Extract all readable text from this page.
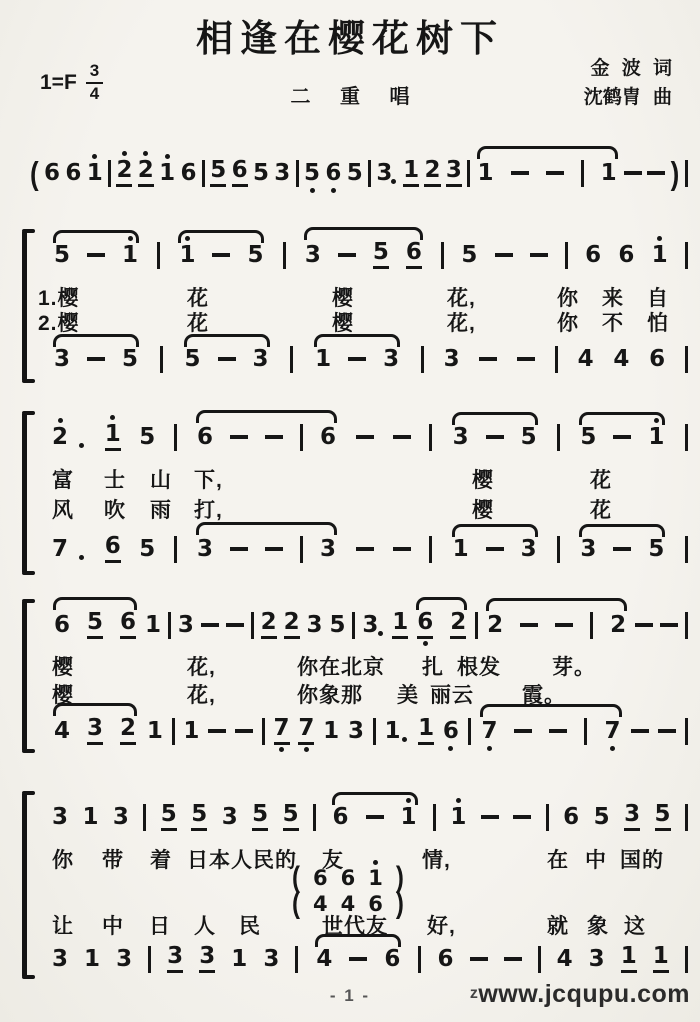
相逢在樱花树下
$1=F \frac{3}{4}$	二 重 唱
金 波 词
沈鹤胄 曲
( 6 6 1 2 2 1 6 5 6 5 3 5 6 5 3 1 2 3 1	1 )
5 1 1 5 3 5 6 5	6 6 1
1.樱	花	樱	花,	你 来 自
2.樱	花	樱	花,	你 不 怕
3 5 5 3 1 3 3	4 4 6
2 1 5 6	6	3 5 5 1
富 士 山 下,	樱	花
风 吹 雨 打,	樱	花
7 6 5 3	3	1 3 3 5
6 5 6 1 3	2 2 3 5 3 1 6 2 2	2
樱	花,	你在北京 扎 根发 芽。
樱	花,	你象那 美 丽云 霞。
4 3 2 1 1	7 7 1 3 1 1 6 7	7
3 1 3 5 5 3 5 5 6 1 1	6 5 3 5
你 带 着 日本人民的 友	情,	在 中 国的
( 6 6 1 )
( 4 4 6 )
让 中 日 人 民	世代友 好,	就 象 这
3 1 3 3 3 1 3 4 6 6	4 3 1 1
- 1 -	zwww.jcqupu.com
